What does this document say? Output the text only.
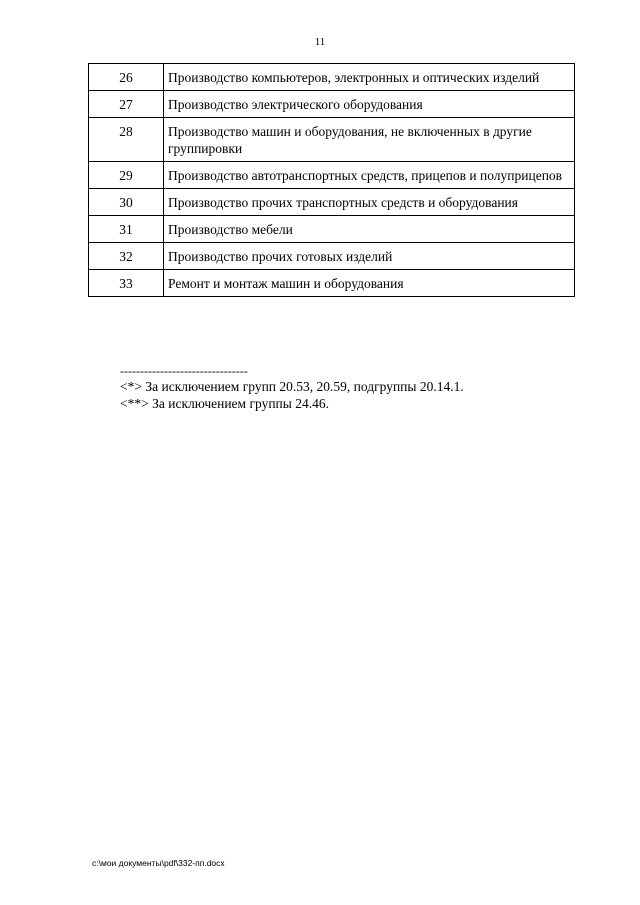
11
26	Производство компьютеров, электронных и оптических изделий
27	Производство электрического оборудования
28	Производство машин и оборудования, не включенных в другие группировки
29	Производство автотранспортных средств, прицепов и полуприцепов
30	Производство прочих транспортных средств и оборудования
31	Производство мебели
32	Производство прочих готовых изделий
33	Ремонт и монтаж машин и оборудования
--------------------------------
<*> За исключением групп 20.53, 20.59, подгруппы 20.14.1.
<**> За исключением группы 24.46.
c:\мои документы\pdf\332-пп.docx
